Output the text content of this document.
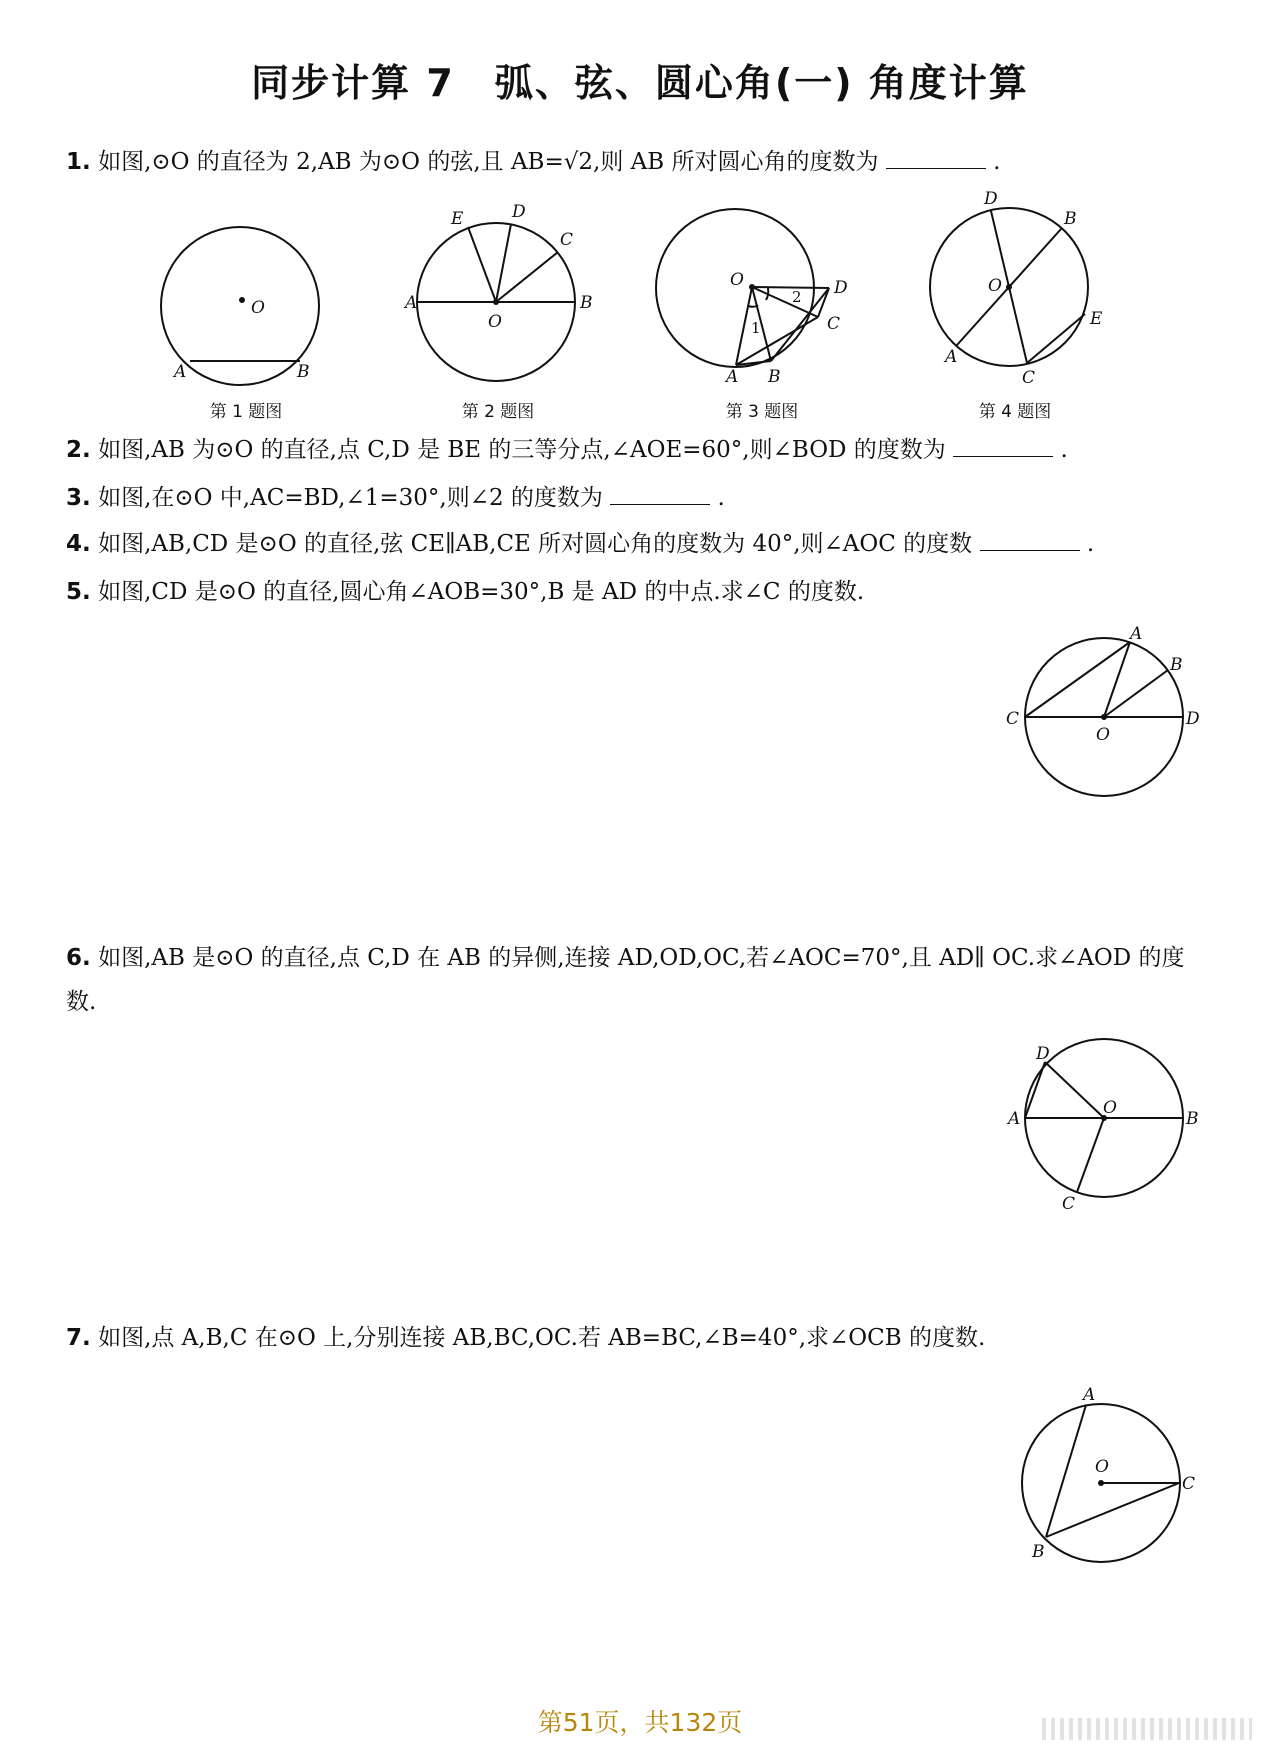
同步计算 7　弧、弦、圆心角(一) 角度计算

1. 如图,⊙O 的直径为 2,AB 为⊙O 的弦,且 AB=√2,则 AB 所对圆心角的度数为	.

O
A	B
E	D
C
A
O
B
O	D
2
1	C
A B
D
B
O
E
A
C

第 1 题图	第 2 题图	第 3 题图	第 4 题图

2. 如图,AB 为⊙O 的直径,点 C,D 是 BE 的三等分点,∠AOE=60°,则∠BOD 的度数为	.

3. 如图,在⊙O 中,AC=BD,∠1=30°,则∠2 的度数为	.

4. 如图,AB,CD 是⊙O 的直径,弦 CE∥AB,CE 所对圆心角的度数为 40°,则∠AOC 的度数	.

5. 如图,CD 是⊙O 的直径,圆心角∠AOB=30°,B 是 AD 的中点.求∠C 的度数.

A
B
C
O
D

6. 如图,AB 是⊙O 的直径,点 C,D 在 AB 的异侧,连接 AD,OD,OC,若∠AOC=70°,且 AD∥ OC.求∠AOD 的度数.

D
O
A	B
C

7. 如图,点 A,B,C 在⊙O 上,分别连接 AB,BC,OC.若 AB=BC,∠B=40°,求∠OCB 的度数.

A
O
C
B

第51页，共132页
